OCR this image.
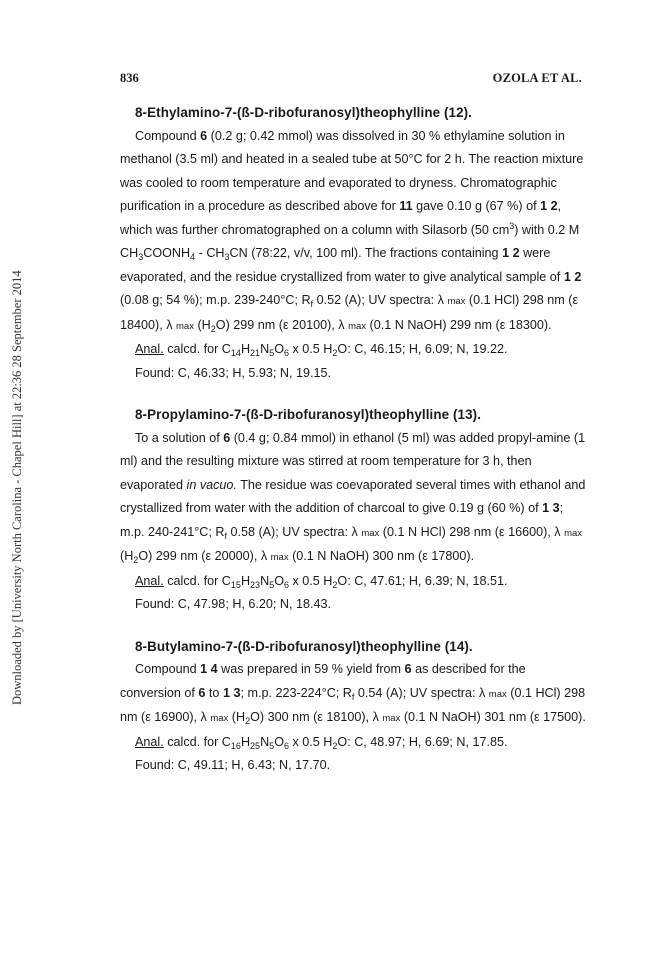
836	OZOLA ET AL.
Downloaded by [University North Carolina - Chapel Hill] at 22:36 28 September 2014
8-Ethylamino-7-(ß-D-ribofuranosyl)theophylline (12).
Compound 6 (0.2 g; 0.42 mmol) was dissolved in 30 % ethylamine solution in methanol (3.5 ml) and heated in a sealed tube at 50°C for 2 h. The reaction mixture was cooled to room temperature and evaporated to dryness. Chromatographic purification in a procedure as described above for 11 gave 0.10 g (67 %) of 1 2, which was further chromatographed on a column with Silasorb (50 $cm^3$) with 0.2 M $CH_3COONH_4 - CH_3CN$ (78:22, v/v, 100 ml). The fractions containing 1 2 were evaporated, and the residue crystallized from water to give analytical sample of 1 2 (0.08 g; 54 %); m.p. 239-240°C; $R_f$ 0.52 (A); UV spectra: λ max (0.1 HCl) 298 nm (ε 18400), λ $\max (H_2O)$ 299 nm (ε 20100), λ max (0.1 N NaOH) 299 nm (ε 18300).
Anal. calcd. for $C_{14}H_{21}N_5O_6$ x 0.5 $H_2O$: C, 46.15; H, 6.09; N, 19.22.
Found: C, 46.33; H, 5.93; N, 19.15.
8-Propylamino-7-(ß-D-ribofuranosyl)theophylline (13).
To a solution of 6 (0.4 g; 0.84 mmol) in ethanol (5 ml) was added propyl-amine (1 ml) and the resulting mixture was stirred at room temperature for 3 h, then evaporated in vacuo. The residue was coevaporated several times with ethanol and crystallized from water with the addition of charcoal to give 0.19 g (60 %) of 1 3; m.p. 240-241°C; $R_f$ 0.58 (A); UV spectra: λ max (0.1 N HCl) 298 nm (ε 16600), λ $\max (H_2O)$ 299 nm (ε 20000), λ max (0.1 N NaOH) 300 nm (ε 17800).
Anal. calcd. for $C_{15}H_{23}N_5O_6$ x 0.5 $H_2O$: C, 47.61; H, 6.39; N, 18.51.
Found: C, 47.98; H, 6.20; N, 18.43.
8-Butylamino-7-(ß-D-ribofuranosyl)theophylline (14).
Compound 1 4 was prepared in 59 % yield from 6 as described for the conversion of 6 to 1 3; m.p. 223-224°C; $R_f$ 0.54 (A); UV spectra: λ max (0.1 HCl) 298 nm (ε 16900), λ $\max (H_2O)$ 300 nm (ε 18100), λ max (0.1 N NaOH) 301 nm (ε 17500).
Anal. calcd. for $C_{16}H_{25}N_5O_6$ x 0.5 $H_2O$: C, 48.97; H, 6.69; N, 17.85.
Found: C, 49.11; H, 6.43; N, 17.70.
